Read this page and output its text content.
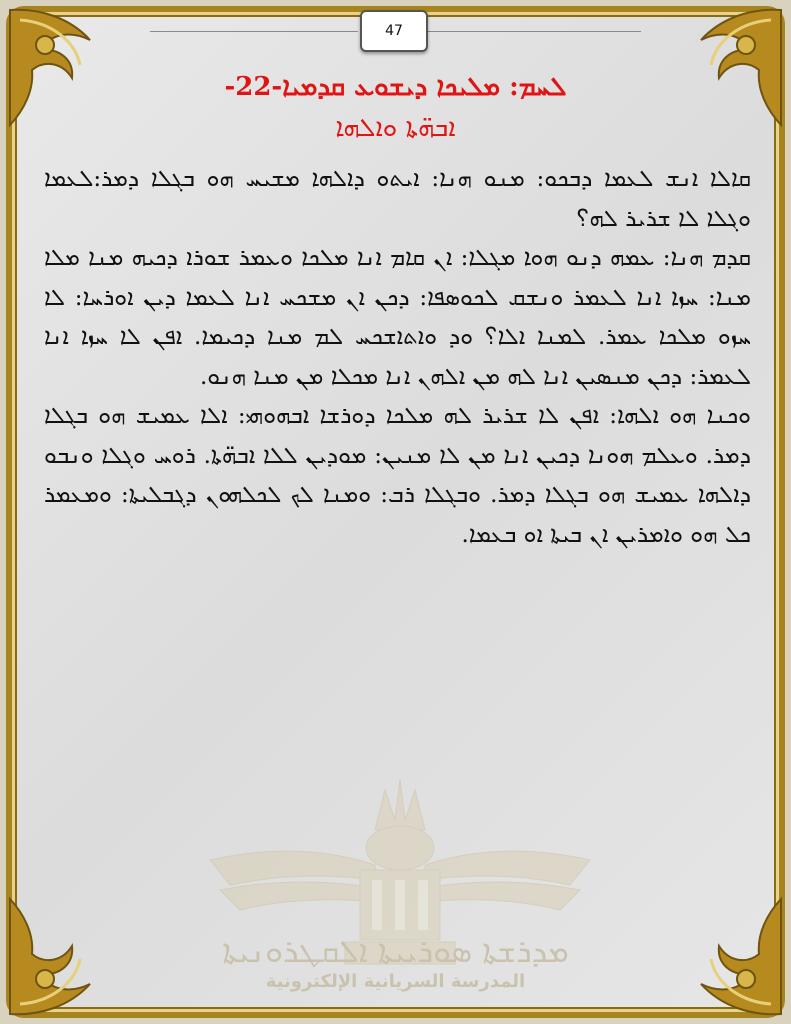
47
ܠܚܡ: ܡܠܝܟܐ ܕܝܫܘܥ ܩܕܡܝܐ-22-
ܐܒܗ̈ܬܐ ܘܐܠܗܐ

ܩܐܠܐ ܐܢܫ ܠܥܡܐ ܕܒܟܘ: ܡܢܘ ܗܢܐ: ܐܝܬܘ ܕܐܠܗܐ ܡܫܝܚ ܗܘ ܒܓܠܐ ܕܡܪ:ܠܥܡܐ ܘܓܠܐ ܠܐ ܫܪܝܪ ܠܗ؟

ܩܕܡ ܗܢܐ: ܥܡܗ ܕܢܘ ܗܘܐ ܡܓܠܐ: ܐܢ ܩܐܡ ܐܢܐ ܡܠܟܐ ܘܥܡܪ ܫܘܪܐ ܕܟܝܗ ܡܢܐ ܡܠܐ ܡܢܐ: ܚܙܐ ܐܢܐ ܠܥܡܪ ܘܢܫܩ ܠܟܘܣܦܐ: ܕܟܢ ܐܢ ܡܫܟܚ ܐܢܐ ܠܥܡܐ ܕܝܢ ܐܘܪܚܐ: ܠܐ ܚܙܘ ܡܠܟܐ ܥܡܪ. ܠܡܢܐ ܐܠܐ؟ ܘܕ ܘܐܬܐܫܟܚ ܠܡ ܡܢܐ ܕܟܝܡܐ. ܐܦܢ ܠܐ ܚܙܐ ܐܢܐ ܠܥܡܪ: ܕܟܢ ܡܢܣܝܢ ܐܢܐ ܠܗ ܡܢ ܐܠܗܢ ܐܢܐ ܡܟܠܐ ܡܢ ܡܢܐ ܗܢܘ.

ܘܟܢܐ ܗܘ ܐܠܗܐ: ܐܦܢ ܠܐ ܫܪܝܪ ܠܗ ܡܠܟܐ ܕܘܪܫܐ ܐܒܗܘܗܝ: ܐܠܐ ܥܡܝܫ ܗܘ ܒܓܠܐ ܕܡܪ. ܘܥܠܡ ܗܘܢܐ ܕܟܝܢ ܐܢܐ ܡܢ ܠܐ ܡܢܝܢ: ܡܘܕܝܢ ܠܠܐ ܐܒܗ̈ܬܐ. ܪܘܚ ܘܓܠܐ ܘܢܒܘ ܕܐܠܗܐ ܥܡܝܫ ܗܘ ܒܓܠܐ ܕܡܪ. ܘܒܓܠܐ ܪܒ: ܘܡܢܐ ܠܟ ܠܟܠܗܘܢ ܕܓܒܠܝܬܐ: ܘܡܥܡܪ ܟܠ ܗܘ ܘܐܡܪܝܢ ܐܢ ܒܝܬܐ ܐܘ ܒܥܡܐ.

ܡܕܪܫܬܐ ܣܘܪܝܝܬܐ ܐܠܩܛܪܘܢܝܬܐ
المدرسة السريانية الإلكترونية
